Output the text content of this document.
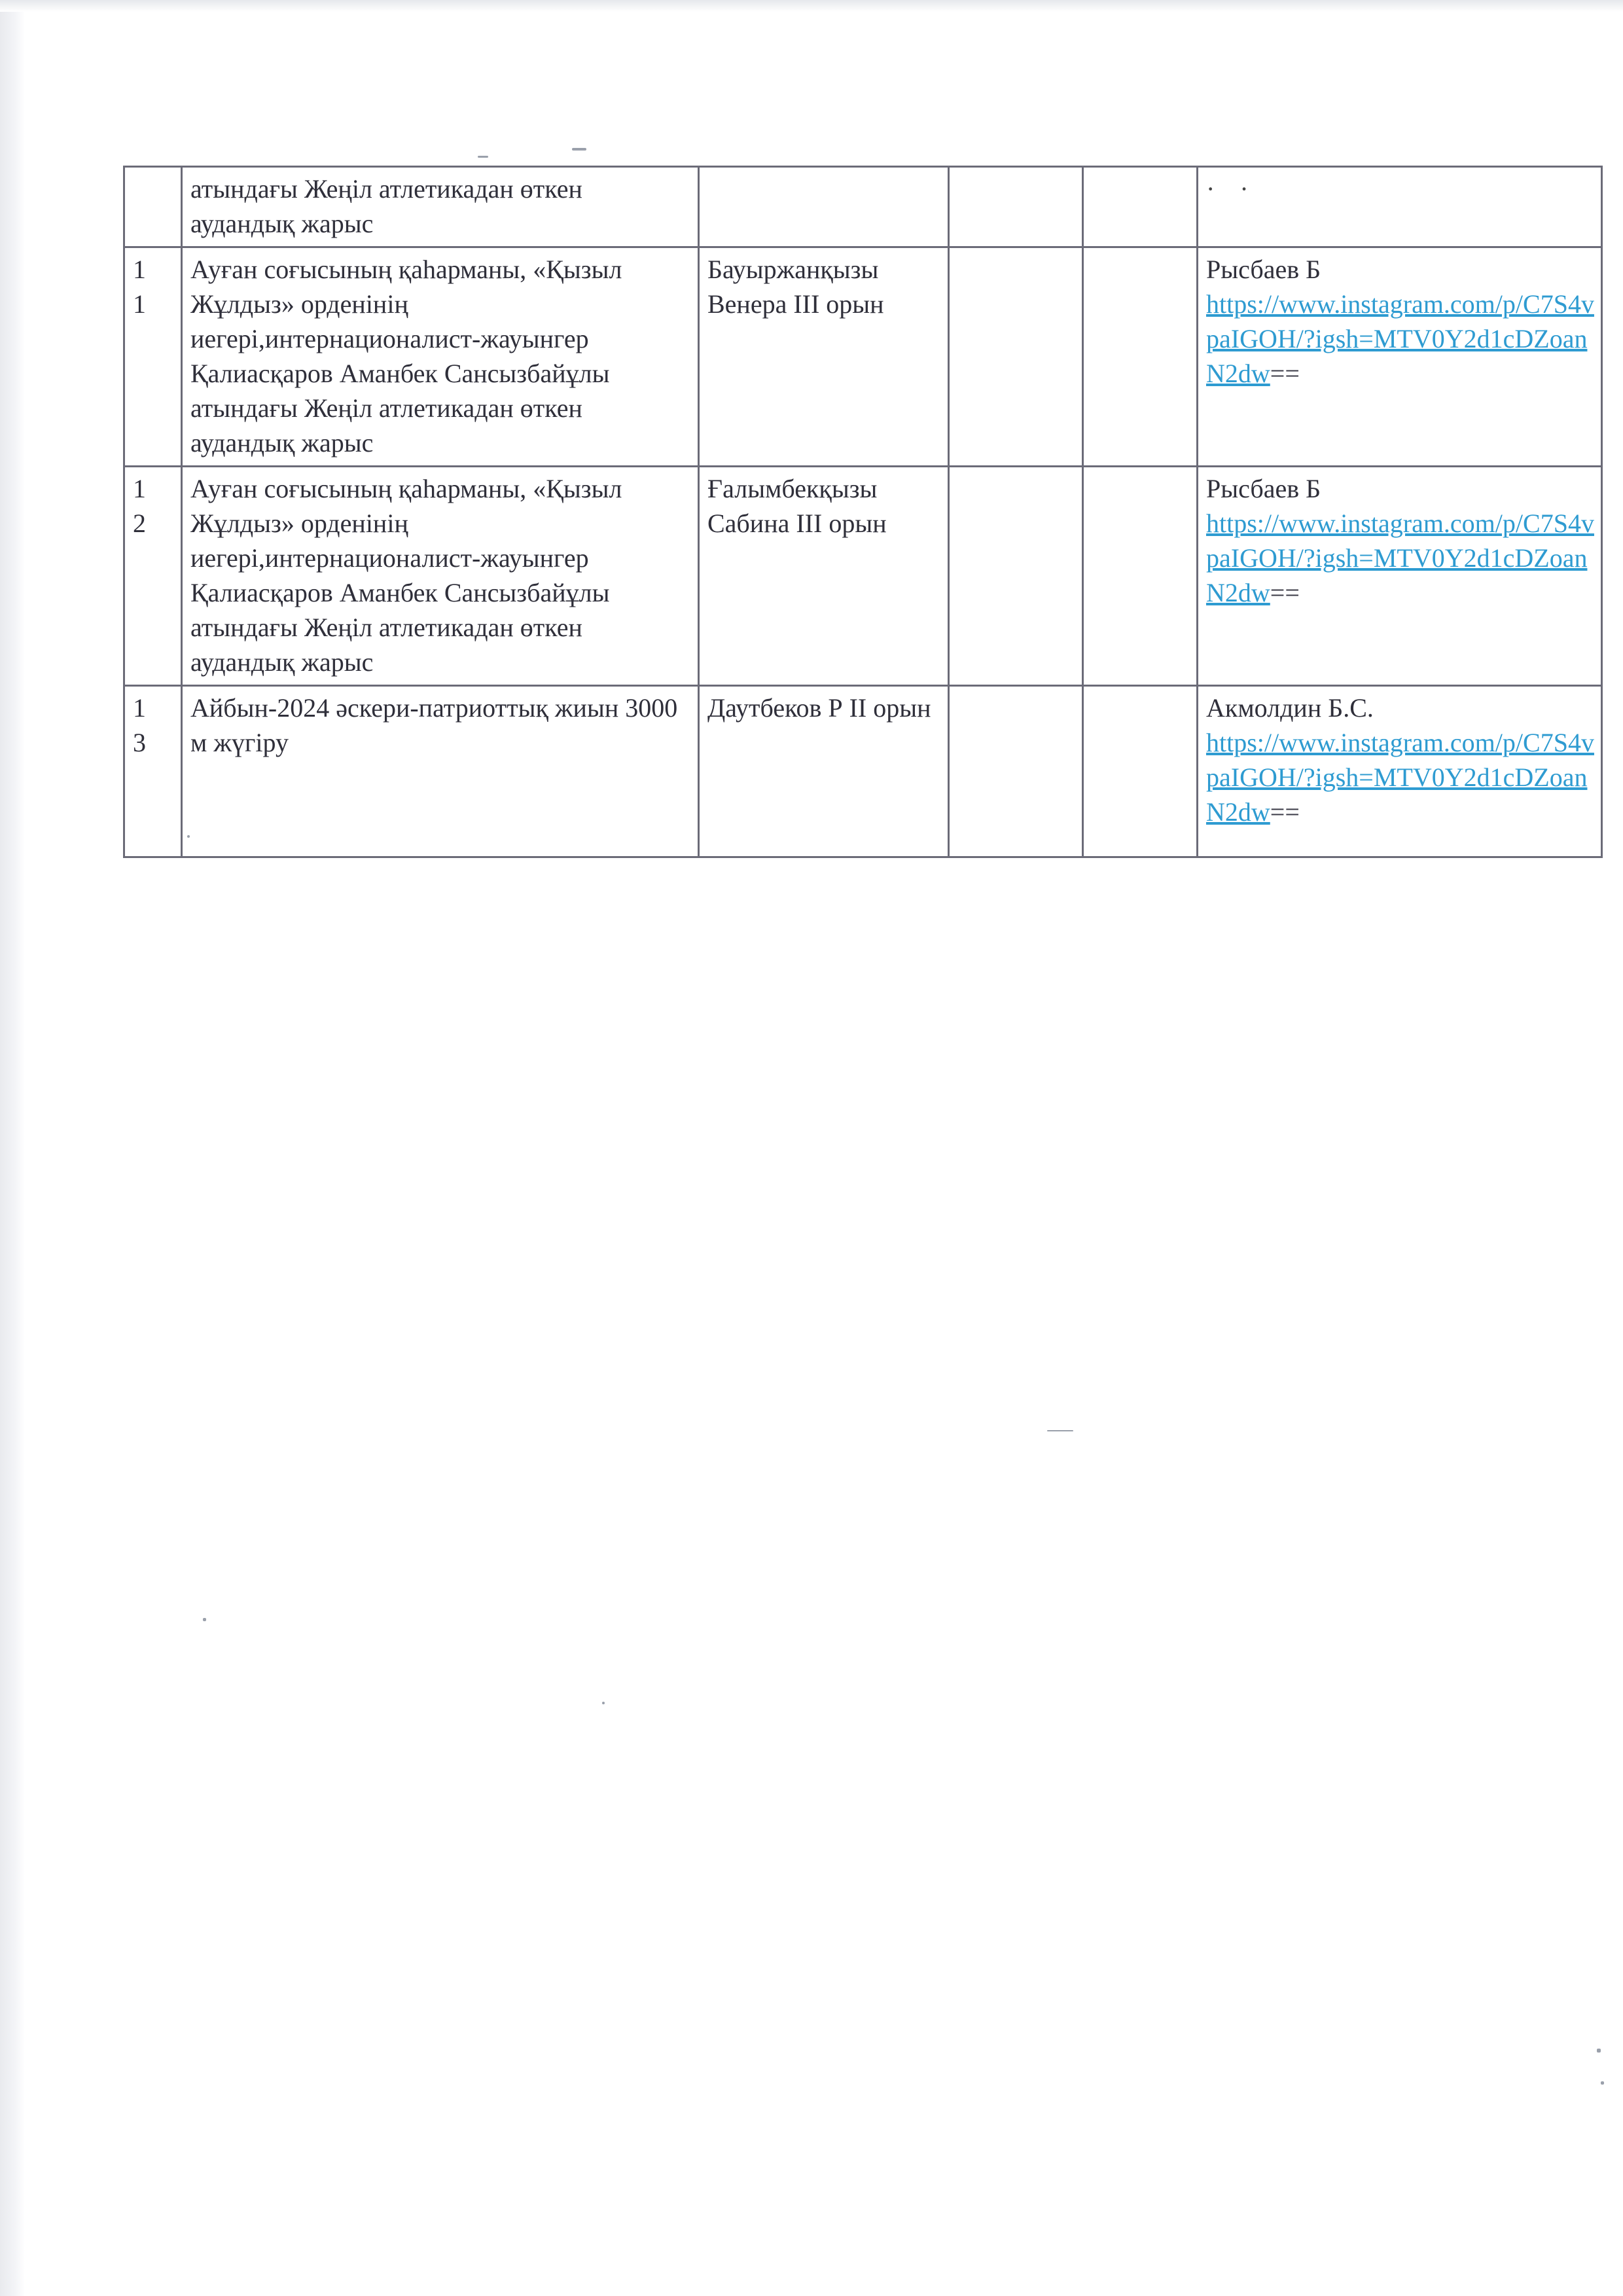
	атындағы Жеңіл атлетикадан өткен аудандық жарыс				· ·

1
1	Ауған соғысының қаһарманы, «Қызыл Жұлдыз» орденінің иегері,интернационалист-жауынгер Қалиасқаров Аманбек Сансызбайұлы атындағы Жеңіл атлетикадан өткен аудандық жарыс	Бауыржанқызы Венера III орын			Рысбаев Б
https://www.instagram.com/p/C7S4vpaIGOH/?igsh=MTV0Y2d1cDZoanN2dw==

1
2	Ауған соғысының қаһарманы, «Қызыл Жұлдыз» орденінің иегері,интернационалист-жауынгер Қалиасқаров Аманбек Сансызбайұлы атындағы Жеңіл атлетикадан өткен аудандық жарыс	Ғалымбекқызы Сабина III орын			Рысбаев Б
https://www.instagram.com/p/C7S4vpaIGOH/?igsh=MTV0Y2d1cDZoanN2dw==

1
3	Айбын-2024 әскери-патриоттық жиын 3000 м жүгіру	Даутбеков Р II орын			Акмолдин Б.С.
https://www.instagram.com/p/C7S4vpaIGOH/?igsh=MTV0Y2d1cDZoanN2dw==
